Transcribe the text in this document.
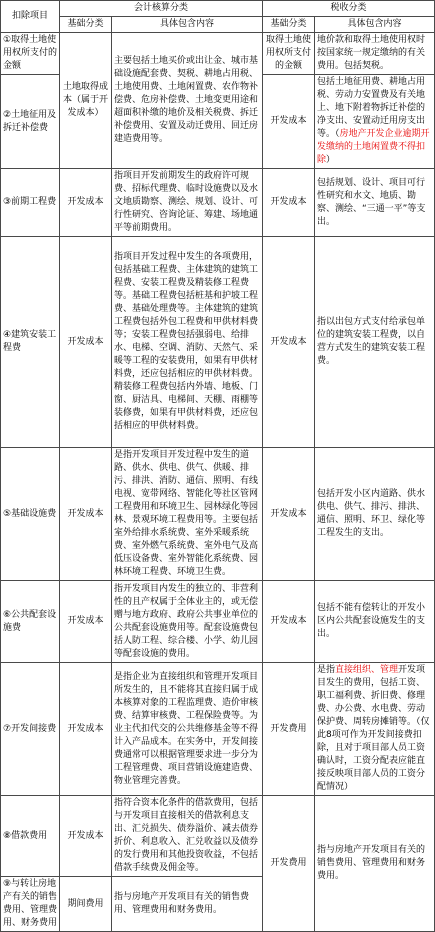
扣除项目	会计核算分类		税收分类	
	基础分类	具体包含内容	基础分类	具体包含内容
①取得土地使用权所支付的金额	土地取得成本（属于开发成本）	主要包括土地买价或出让金、城市基础设施配套费、契税、耕地占用税、土地使用费、土地闲置费、农作物补偿费、危房补偿费、土地变更用途和超面积补缴的地价及相关税费、拆迁补偿费用、安置及动迁费用、回迁房建造费用等。	取得土地使用权所支付的金额	地价款和取得土地使用权时按国家统一规定缴纳的有关费用。包括契税。
②土地征用及拆迁补偿费			开发成本	包括土地征用费、耕地占用税、劳动力安置费及有关地上、地下附着物拆迁补偿的净支出、安置动迁用房支出等。（房地产开发企业逾期开发缴纳的土地闲置费不得扣除）
③前期工程费	开发成本	指项目开发前期发生的政府许可规费、招标代理费、临时设施费以及水文地质勘察、测绘、规划、设计、可行性研究、咨询论证、筹建、场地通平等前期费用。	开发成本	包括规划、设计、项目可行性研究和水文、地质、勘察、测绘、“三通一平”等支出。
④建筑安装工程费	开发成本	指项目开发过程中发生的各项费用，包括基础工程费、主体建筑的建筑工程费、安装工程费及精装修工程费等。基础工程费包括桩基和护坡工程费、基础处理费等。主体建筑的建筑工程费包括外包工程费和甲供材料费等；安装工程费包括强弱电、给排水、电梯、空调、消防、天然气、采暖等工程的安装费用，如果有甲供材料费，还应包括相应的甲供材料费。精装修工程费包括内外墙、地板、门窗、厨洁具、电梯间、天棚、雨棚等装修费，如果有甲供材料费，还应包括相应的甲供材料费。	开发成本	指以出包方式支付给承包单位的建筑安装工程费，以自营方式发生的建筑安装工程费。
⑤基础设施费	开发成本	是指开发项目开发过程中发生的道路、供水、供电、供气、供暖、排污、排洪、消防、通信、照明、有线电视、宽带网络、智能化等社区管网工程费用和环境卫生、园林绿化等园林、景观环境工程费用等。主要包括室外给排水系统费、室外采暖系统费、室外燃气系统费、室外电气及高低压设备费、室外智能化系统费、园林环境工程费、环境卫生费。	开发成本	包括开发小区内道路、供水供电、供气、排污、排洪、通信、照明、环卫、绿化等工程发生的支出。
⑥公共配套设施费	开发成本	指开发项目内发生的独立的、非营利性的且产权属于全体业主的，或无偿赠与地方政府、政府公共事业单位的公共配套设施费用等。配套设施费包括人防工程、综合楼、小学、幼儿园等配套设施的费用。	开发成本	包括不能有偿转让的开发小区内公共配套设施发生的支出。
⑦开发间接费	开发成本	是指企业为直接组织和管理开发项目所发生的，且不能将其直接归属于成本核算对象的工程监理费、造价审核费、结算审核费、工程保险费等。为业主代扣代交的公共维修基金等不得计入产品成本。在实务中，开发间接费通常可以根据管理要求进一步分为工程管理费、项目营销设施建造费、物业管理完善费。	开发费用	是指直接组织、管理开发项目发生的费用，包括工资、职工福利费、折旧费、修理费、办公费、水电费、劳动保护费、周转房摊销等。（仅此8项可作为开发间接费扣除，且对于项目部人员工资确认时，工资分配表应能直接反映项目部人员的工资分配情况）
⑧借款费用	开发成本	指符合资本化条件的借款费用，包括与开发项目直接相关的借款利息支出、汇兑损失、债券溢价、减去债券折价、利息收入、汇兑收益以及债券的发行费用和其他投资收益，不包括借款手续费及佣金等。	开发费用	指与房地产开发项目有关的销售费用、管理费用和财务费用。
⑨与转让房地产有关的销售费用、管理费用、财务费用	期间费用	指与房地产开发项目有关的销售费用、管理费用和财务费用。		
